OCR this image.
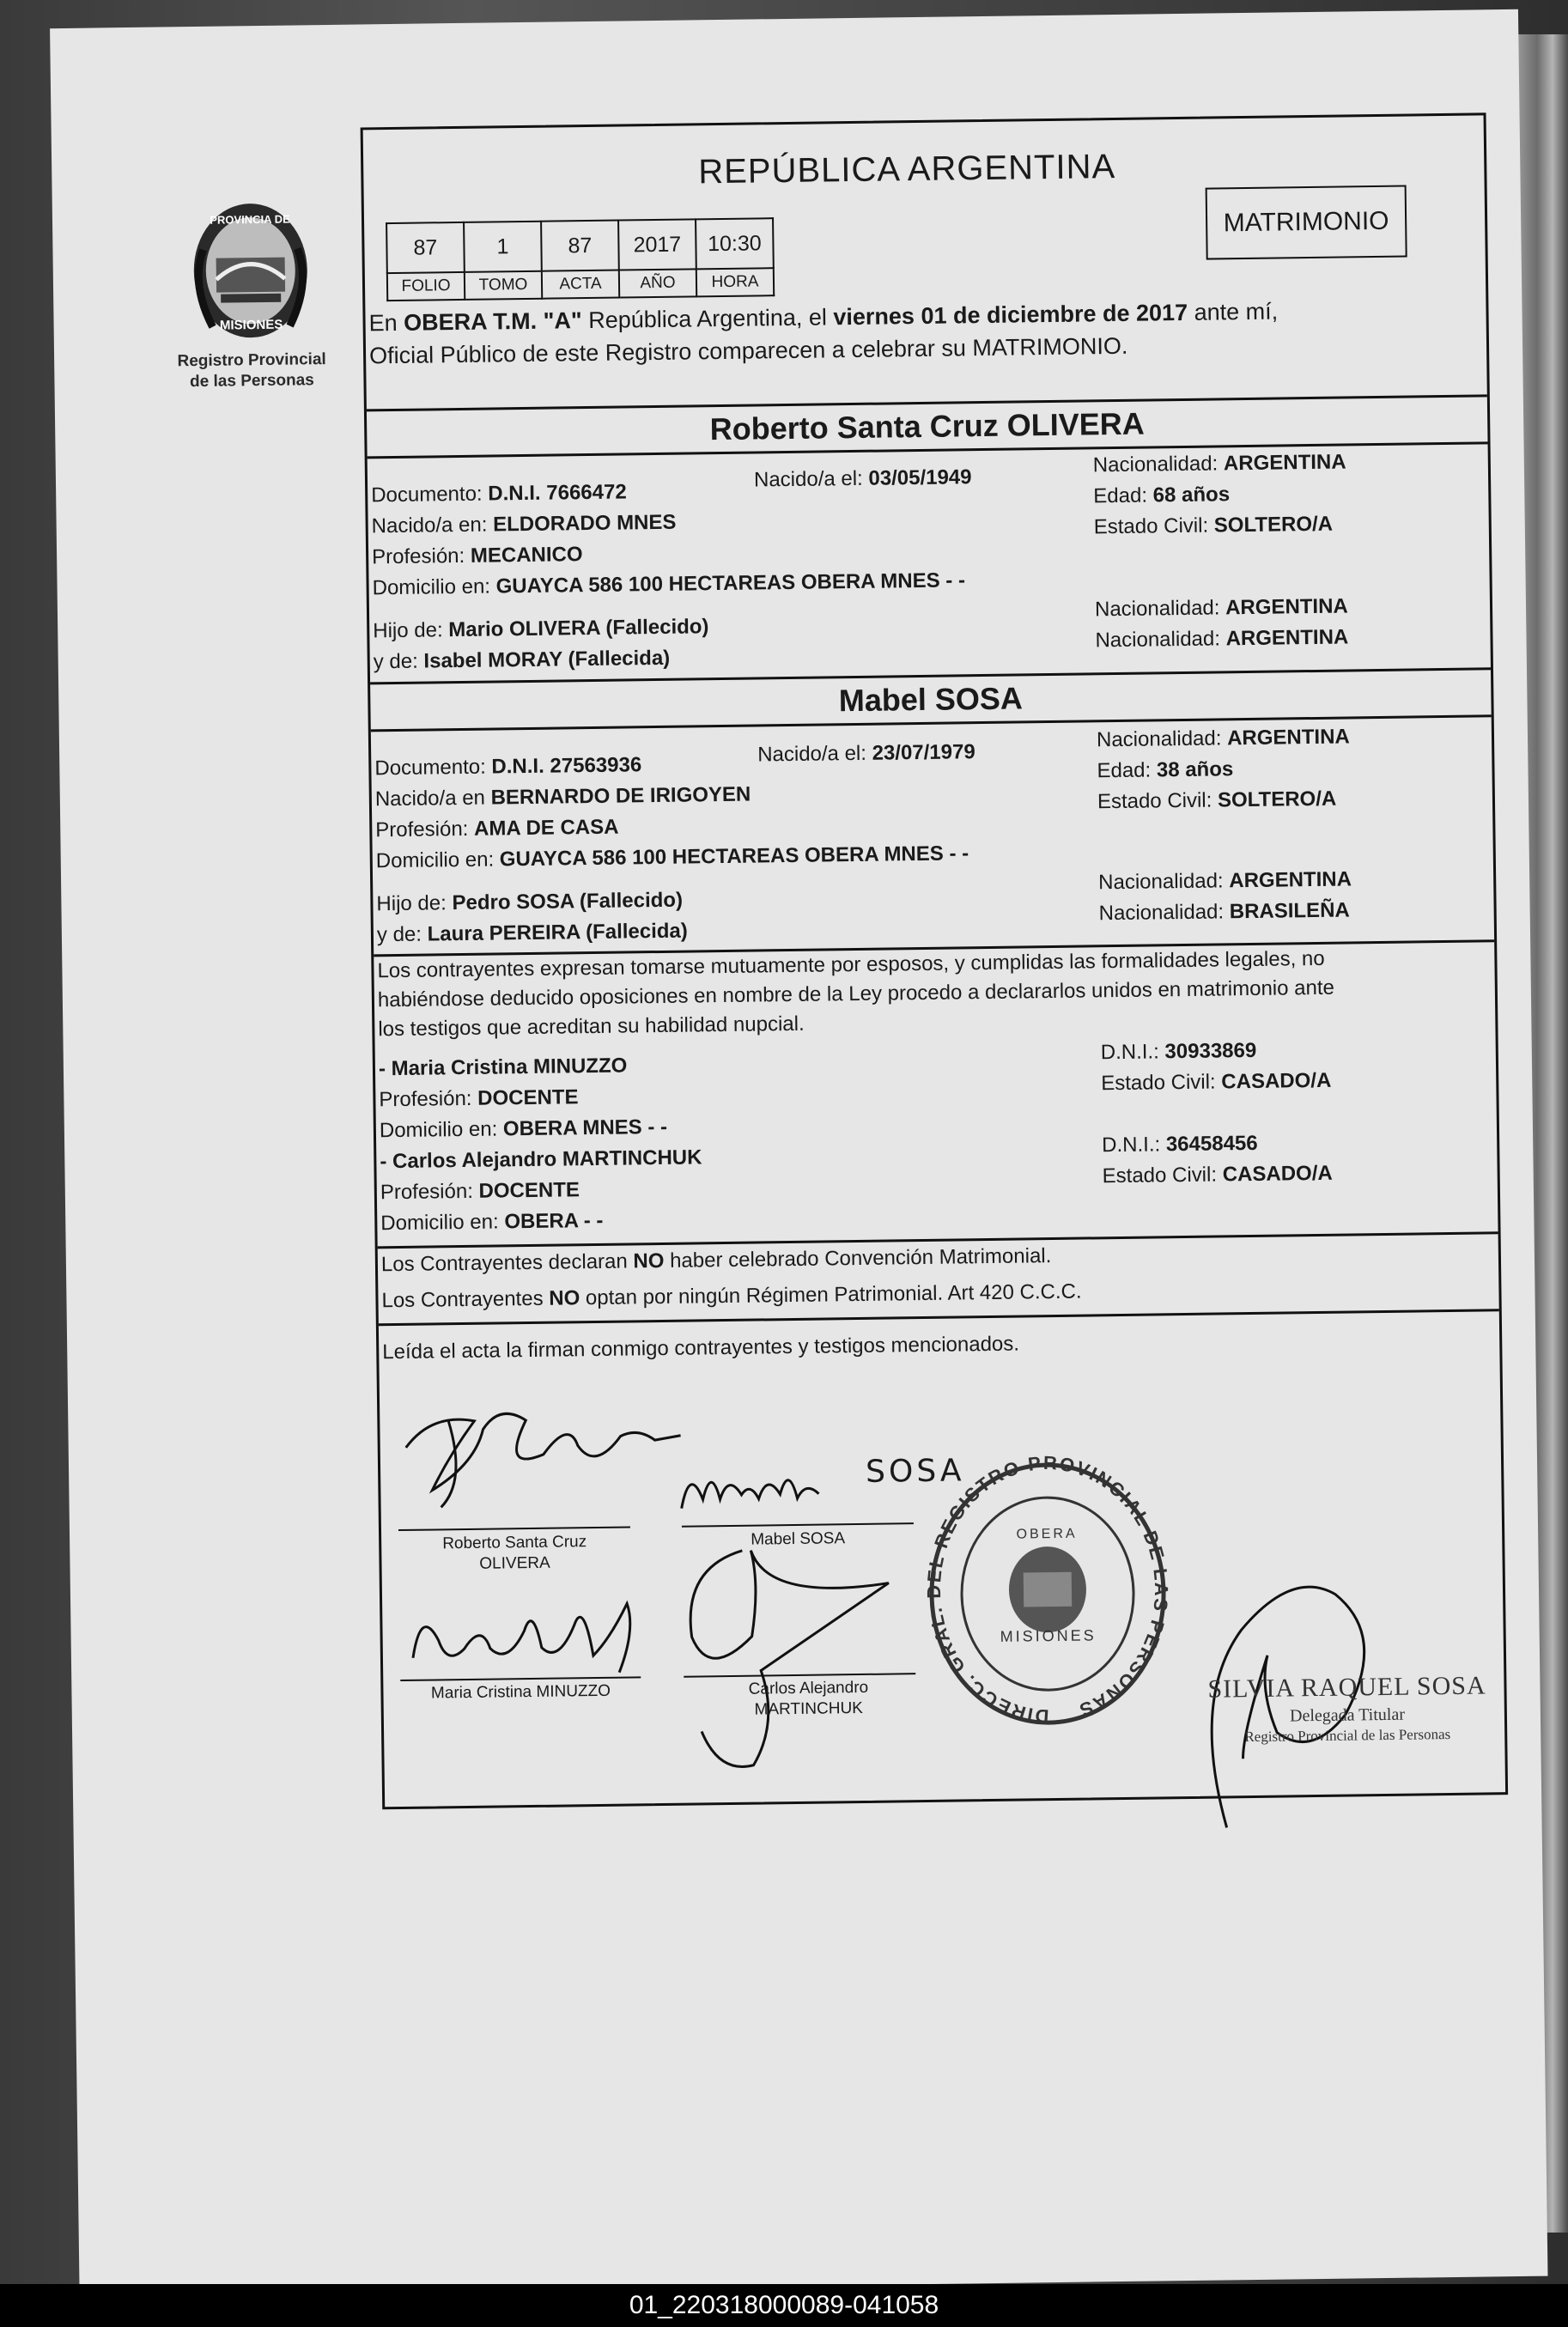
PROVINCIA DE
MISIONES
Registro Provincial
de las Personas
REPÚBLICA ARGENTINA
87	1	87	2017	10:30
FOLIO	TOMO	ACTA	AÑO	HORA
MATRIMONIO
En OBERA T.M. "A" República Argentina, el viernes 01 de diciembre de 2017 ante mí,
Oficial Público de este Registro comparecen a celebrar su MATRIMONIO.
Roberto Santa Cruz OLIVERA
Documento: D.N.I. 7666472
Nacido/a el: 03/05/1949
Nacido/a en: ELDORADO MNES
Profesión: MECANICO
Domicilio en: GUAYCA 586 100 HECTAREAS OBERA MNES - -
Nacionalidad: ARGENTINA
Edad: 68 años
Estado Civil: SOLTERO/A
Hijo de: Mario OLIVERA (Fallecido)
Nacionalidad: ARGENTINA
y de: Isabel MORAY (Fallecida)
Nacionalidad: ARGENTINA
Mabel SOSA
Documento: D.N.I. 27563936	Nacido/a el: 23/07/1979
Nacido/a en BERNARDO DE IRIGOYEN
Profesión: AMA DE CASA
Domicilio en: GUAYCA 586 100 HECTAREAS OBERA MNES - -
Nacionalidad: ARGENTINA
Edad: 38 años
Estado Civil: SOLTERO/A
Hijo de: Pedro SOSA (Fallecido)
Nacionalidad: ARGENTINA
y de: Laura PEREIRA (Fallecida)
Nacionalidad: BRASILEÑA
Los contrayentes expresan tomarse mutuamente por esposos, y cumplidas las formalidades legales, no
habiéndose deducido oposiciones en nombre de la Ley procedo a declararlos unidos en matrimonio ante
los testigos que acreditan su habilidad nupcial.
- Maria Cristina MINUZZO
Profesión: DOCENTE
Domicilio en: OBERA MNES - -
D.N.I.: 30933869
Estado Civil: CASADO/A
- Carlos Alejandro MARTINCHUK
Profesión: DOCENTE
Domicilio en: OBERA - -
D.N.I.: 36458456
Estado Civil: CASADO/A
Los Contrayentes declaran NO haber celebrado Convención Matrimonial.
Los Contrayentes NO optan por ningún Régimen Patrimonial. Art 420 C.C.C.
Leída el acta la firman conmigo contrayentes y testigos mencionados.
Roberto Santa Cruz
OLIVERA
SOSA
Mabel SOSA
Maria Cristina MINUZZO	Carlos Alejandro
MARTINCHUK	DIRECC. GRAL. DEL REGISTRO PROVINCIAL DE LAS PERSONAS
MISIONES
OBERA
SILVIA RAQUEL SOSA
Delegada Titular
Registro Provincial de las Personas
01_220318000089-041058
